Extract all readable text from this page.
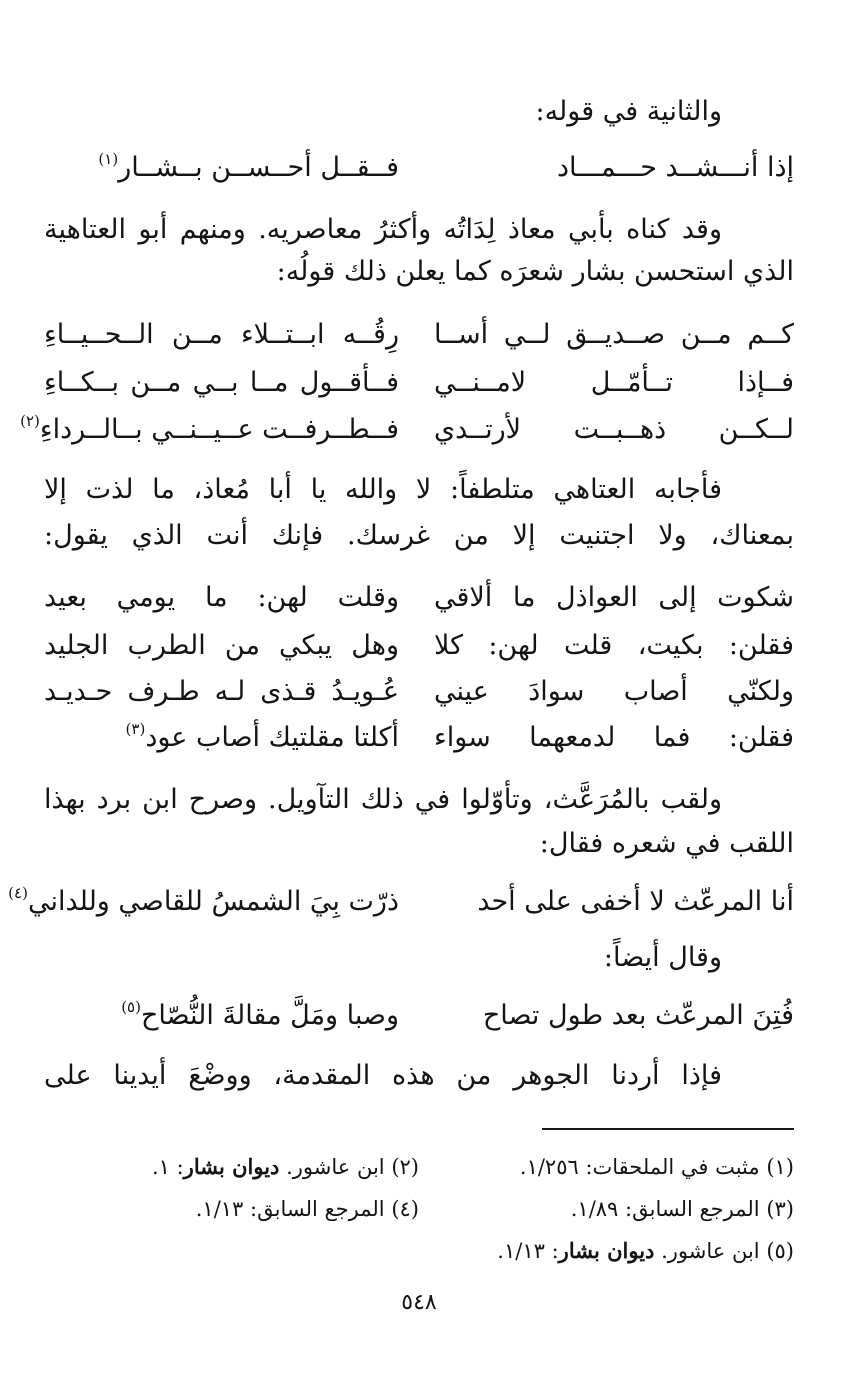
والثانية في قوله:
إذا أنـــشــد حـــمـــاد
فــقــل أحــســن بــشــار$^{(١)}$
وقد كناه بأبي معاذ لِدَاتُه وأكثرُ معاصريه. ومنهم أبو العتاهية
الذي استحسن بشار شعرَه كما يعلن ذلك قولُه:
كــم مــن صــديــق لــي أســا
رِقُــه ابــتــلاء مــن الــحــيــاءِ
فــإذا تــأمّــل لامــنــي
فــأقــول مــا بــي مــن بــكــاءِ
لــكــن ذهــبــت لأرتــدي
فــطــرفــت عــيــنــي بــالــرداءِ$^{(٢)}$
فأجابه العتاهي متلطفاً: لا والله يا أبا مُعاذ، ما لذت إلا
بمعناك، ولا اجتنيت إلا من غرسك. فإنك أنت الذي يقول:
شكوت إلى العواذل ما ألاقي
وقلت لهن: ما يومي بعيد
فقلن: بكيت، قلت لهن: كلا
وهل يبكي من الطرب الجليد
ولكنّي أصاب سوادَ عيني
عُـويـدُ قـذى لـه طـرف حـديـد
فقلن: فما لدمعهما سواء
أكلتا مقلتيك أصاب عود$^{(٣)}$
ولقب بالمُرَعَّث، وتأوّلوا في ذلك التآويل. وصرح ابن برد بهذا
اللقب في شعره فقال:
أنا المرعّث لا أخفى على أحد
ذرّت بِيَ الشمسُ للقاصي وللداني$^{(٤)}$
وقال أيضاً:
فُتِنَ المرعّث بعد طول تصاح
وصبا ومَلَّ مقالةَ النُّصّاح$^{(٥)}$
فإذا أردنا الجوهر من هذه المقدمة، ووضْعَ أيدينا على
(١) مثبت في الملحقات: ١/٢٥٦.
(٢) ابن عاشور. ديوان بشار: ١.
(٣) المرجع السابق: ١/٨٩.
(٤) المرجع السابق: ١/١٣.
(٥) ابن عاشور. ديوان بشار: ١/١٣.
٥٤٨
